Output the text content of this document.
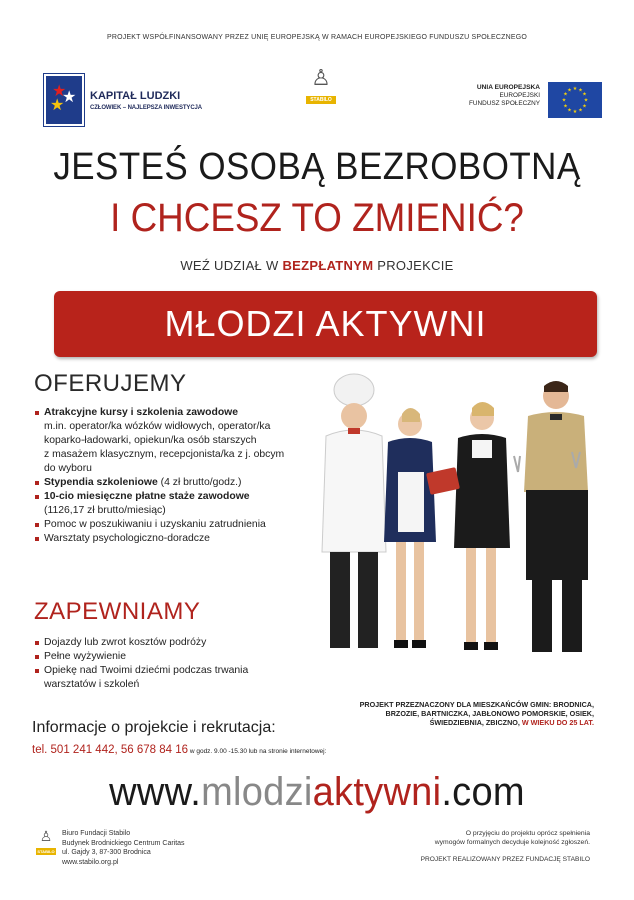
PROJEKT WSPÓŁFINANSOWANY PRZEZ UNIĘ EUROPEJSKĄ W RAMACH EUROPEJSKIEGO FUNDUSZU SPOŁECZNEGO
★
★
★
KAPITAŁ LUDZKI
CZŁOWIEK – NAJLEPSZA INWESTYCJA
♙
STABILO
UNIA EUROPEJSKA
EUROPEJSKI
FUNDUSZ SPOŁECZNY
★ ★
★
★
★
★
★
★
★
★
★
★
JESTEŚ OSOBĄ BEZROBOTNĄ
I CHCESZ TO ZMIENIĆ?
WEŹ UDZIAŁ W BEZPŁATNYM PROJEKCIE
MŁODZI AKTYWNI
OFERUJEMY
Atrakcyjne kursy i szkolenia zawodowe
m.in. operator/ka wózków widłowych, operator/ka
koparko-ładowarki, opiekun/ka osób starszych
z masażem klasycznym, recepcjonista/ka z j. obcym
do wyboru
Stypendia szkoleniowe (4 zł brutto/godz.)
10-cio miesięczne płatne staże zawodowe
(1126,17 zł brutto/miesiąc)
Pomoc w poszukiwaniu i uzyskaniu zatrudnienia
Warsztaty psychologiczno-doradcze
ZAPEWNIAMY
Dojazdy lub zwrot kosztów podróży
Pełne wyżywienie
Opiekę nad Twoimi dziećmi podczas trwania
warsztatów i szkoleń
PROJEKT PRZEZNACZONY DLA MIESZKAŃCÓW GMIN: BRODNICA,
BRZOZIE, BARTNICZKA, JABŁONOWO POMORSKIE, OSIEK,
ŚWIEDZIEBNIA, ZBICZNO, W WIEKU DO 25 LAT.
Informacje o projekcie i rekrutacja:
tel. 501 241 442, 56 678 84 16 w godz. 9.00 -15.30 lub na stronie internetowej:
www.mlodziaktywni.com
♙
STABILO
Biuro Fundacji Stabilo
Budynek Brodnickiego Centrum Caritas
ul. Gajdy 3, 87-300 Brodnica
www.stabilo.org.pl
O przyjęciu do projektu oprócz spełnienia
wymogów formalnych decyduje kolejność zgłoszeń.
PROJEKT REALIZOWANY PRZEZ FUNDACJĘ STABILO
